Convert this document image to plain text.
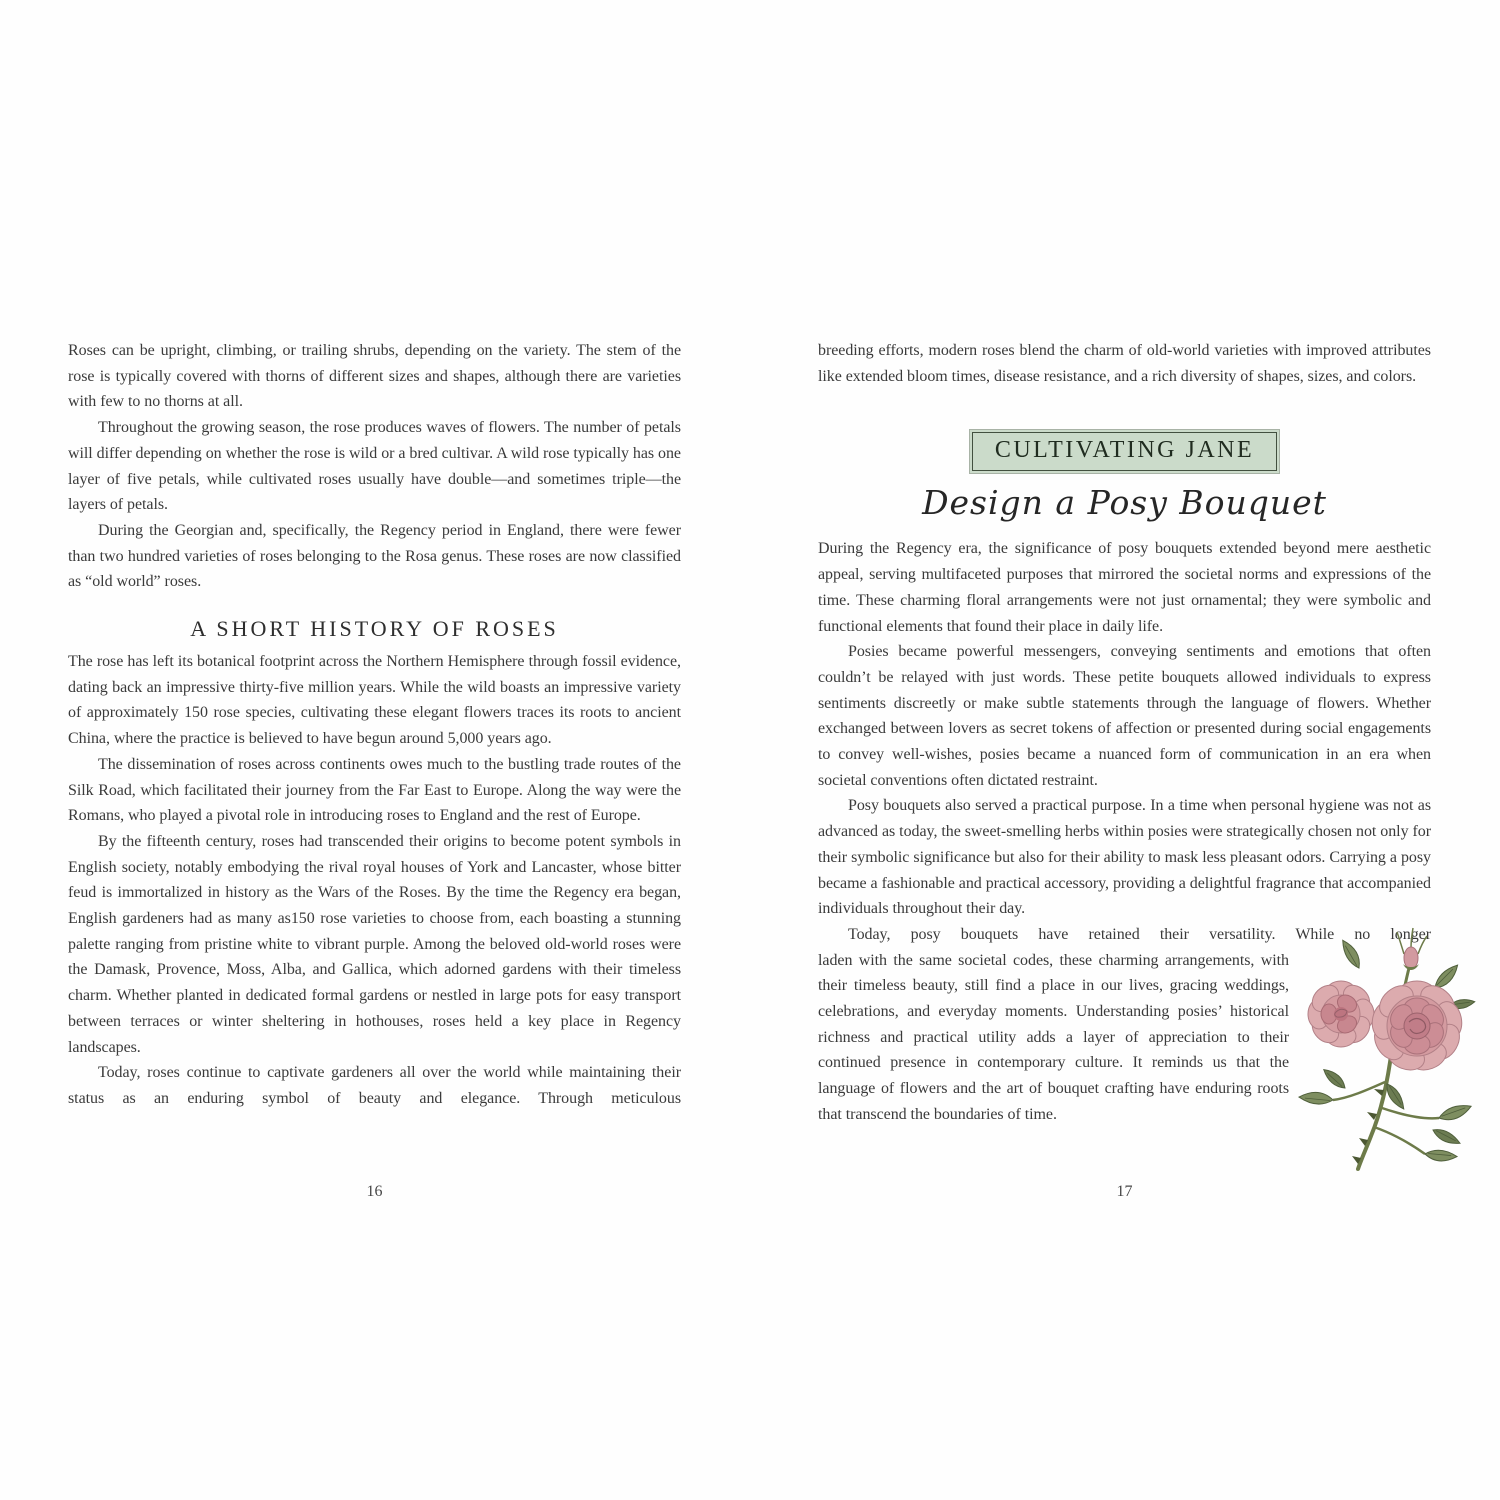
Roses can be upright, climbing, or trailing shrubs, depending on the variety. The stem of the rose is typically covered with thorns of different sizes and shapes, although there are varieties with few to no thorns at all.

Throughout the growing season, the rose produces waves of flowers. The number of petals will differ depending on whether the rose is wild or a bred cultivar. A wild rose typically has one layer of five petals, while cultivated roses usually have double—and sometimes triple—the layers of petals.

During the Georgian and, specifically, the Regency period in England, there were fewer than two hundred varieties of roses belonging to the Rosa genus. These roses are now classified as “old world” roses.

A SHORT HISTORY OF ROSES

The rose has left its botanical footprint across the Northern Hemisphere through fossil evidence, dating back an impressive thirty-five million years. While the wild boasts an impressive variety of approximately 150 rose species, cultivating these elegant flowers traces its roots to ancient China, where the practice is believed to have begun around 5,000 years ago.

The dissemination of roses across continents owes much to the bustling trade routes of the Silk Road, which facilitated their journey from the Far East to Europe. Along the way were the Romans, who played a pivotal role in introducing roses to England and the rest of Europe.

By the fifteenth century, roses had transcended their origins to become potent symbols in English society, notably embodying the rival royal houses of York and Lancaster, whose bitter feud is immortalized in history as the Wars of the Roses. By the time the Regency era began, English gardeners had as many as150 rose varieties to choose from, each boasting a stunning palette ranging from pristine white to vibrant purple. Among the beloved old-world roses were the Damask, Provence, Moss, Alba, and Gallica, which adorned gardens with their timeless charm. Whether planted in dedicated formal gardens or nestled in large pots for easy transport between terraces or winter sheltering in hothouses, roses held a key place in Regency landscapes.

Today, roses continue to captivate gardeners all over the world while maintaining their status as an enduring symbol of beauty and elegance. Through meticulous

16

breeding efforts, modern roses blend the charm of old-world varieties with improved attributes like extended bloom times, disease resistance, and a rich diversity of shapes, sizes, and colors.

CULTIVATING JANE
Design a Posy Bouquet

During the Regency era, the significance of posy bouquets extended beyond mere aesthetic appeal, serving multifaceted purposes that mirrored the societal norms and expressions of the time. These charming floral arrangements were not just ornamental; they were symbolic and functional elements that found their place in daily life.

Posies became powerful messengers, conveying sentiments and emotions that often couldn’t be relayed with just words. These petite bouquets allowed individuals to express sentiments discreetly or make subtle statements through the language of flowers. Whether exchanged between lovers as secret tokens of affection or presented during social engagements to convey well-wishes, posies became a nuanced form of communication in an era when societal conventions often dictated restraint.

Posy bouquets also served a practical purpose. In a time when personal hygiene was not as advanced as today, the sweet-smelling herbs within posies were strategically chosen not only for their symbolic significance but also for their ability to mask less pleasant odors. Carrying a posy became a fashionable and practical accessory, providing a delightful fragrance that accompanied individuals throughout their day.

Today, posy bouquets have retained their versatility. While no longer

laden with the same societal codes, these charming arrangements, with their timeless beauty, still find a place in our lives, gracing weddings, celebrations, and everyday moments. Understanding posies’ historical richness and practical utility adds a layer of appreciation to their continued presence in contemporary culture. It reminds us that the language of flowers and the art of bouquet crafting have enduring roots that transcend the boundaries of time.

17
